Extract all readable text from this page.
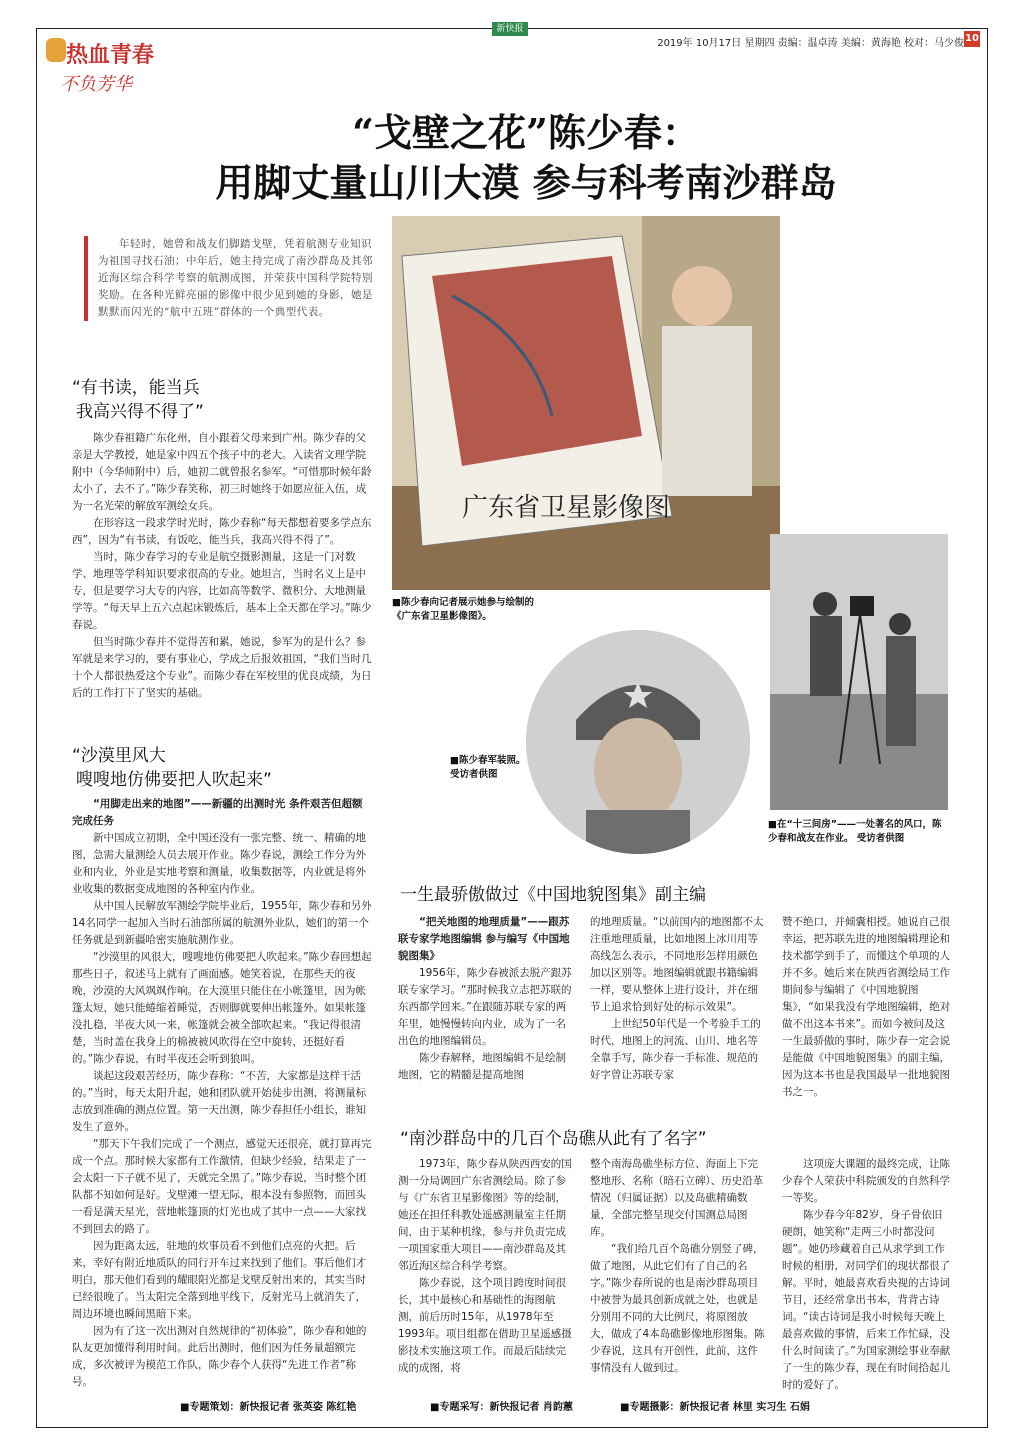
新快报
2019年 10月17日 星期四 责编：温卓涛 美编：黄海艳 校对：马少俊 10
热血青春
不负芳华
“戈壁之花”陈少春：
用脚丈量山川大漠 参与科考南沙群岛
年轻时，她曾和战友们脚踏戈壁，凭着航测专业知识为祖国寻找石油；中年后，她主持完成了南沙群岛及其邻近海区综合科学考察的航测成图，并荣获中国科学院特别奖励。在各种光鲜亮丽的影像中很少见到她的身影，她是默默而闪光的“航中五班”群体的一个典型代表。
“有书读，能当兵
我高兴得不得了”

陈少春祖籍广东化州，自小跟着父母来到广州。陈少春的父亲是大学教授，她是家中四五个孩子中的老大。入读省文理学院附中（今华师附中）后，她初二就曾报名参军。“可惜那时候年龄太小了，去不了。”陈少春笑称，初三时她终于如愿应征入伍，成为一名光荣的解放军测绘女兵。

在形容这一段求学时光时，陈少春称“每天都想着要多学点东西”，因为“有书读，有饭吃，能当兵，我高兴得不得了”。

当时，陈少春学习的专业是航空摄影测量，这是一门对数学、地理等学科知识要求很高的专业。她坦言，当时名义上是中专，但是要学习大专的内容，比如高等数学、微积分、大地测量学等。“每天早上五六点起床锻炼后，基本上全天都在学习。”陈少春说。

但当时陈少春并不觉得苦和累，她说，参军为的是什么？参军就是来学习的，要有事业心，学成之后报效祖国，“我们当时几十个人都很热爱这个专业”。而陈少春在军校里的优良成绩，为日后的工作打下了坚实的基础。

“沙漠里风大
嗖嗖地仿佛要把人吹起来”

“用脚走出来的地图”——新疆的出测时光 条件艰苦但超额完成任务

新中国成立初期，全中国还没有一张完整、统一、精确的地图，急需大量测绘人员去展开作业。陈少春说，测绘工作分为外业和内业，外业是实地考察和测量，收集数据等，内业就是将外业收集的数据变成地图的各种室内作业。

从中国人民解放军测绘学院毕业后，1955年，陈少春和另外14名同学一起加入当时石油部所属的航测外业队，她们的第一个任务就是到新疆哈密实施航测作业。

“沙漠里的风很大，嗖嗖地仿佛要把人吹起来。”陈少春回想起那些日子，叙述马上就有了画面感。她笑着说，在那些天的夜晚，沙漠的大风飒飒作响。在大漠里只能住在小帐篷里，因为帐篷太短，她只能蜷缩着睡觉，否则脚就要伸出帐篷外。如果帐篷没扎稳，半夜大风一来，帐篷就会被全部吹起来。“我记得很清楚，当时盖在我身上的棉被被风吹得在空中旋转，还挺好看的。”陈少春说，有时半夜还会听到狼叫。

谈起这段艰苦经历，陈少春称：“不苦，大家都是这样干活的。”当时，每天太阳升起，她和团队就开始徒步出测，将测量标志放到准确的测点位置。第一天出测，陈少春担任小组长，谁知发生了意外。

“那天下午我们完成了一个测点，感觉天还很亮，就打算再完成一个点。那时候大家都有工作激情，但缺少经验，结果走了一会太阳一下子就不见了，天就完全黑了。”陈少春说，当时整个团队都不知如何是好。戈壁滩一望无际，根本没有参照物，而回头一看是满天星光，营地帐篷顶的灯光也成了其中一点——大家找不到回去的路了。

因为距离太远，驻地的炊事员看不到他们点亮的火把。后来，幸好有附近地质队的同行开车过来找到了他们。事后他们才明白，那天他们看到的耀眼阳光都是戈壁反射出来的，其实当时已经很晚了。当太阳完全落到地平线下，反射光马上就消失了，周边环境也瞬间黑暗下来。

因为有了这一次出测对自然规律的“初体验”，陈少春和她的队友更加懂得利用时间。此后出测时，他们因为任务量超额完成，多次被评为模范工作队，陈少春个人获得“先进工作者”称号。

广东省卫星影像图
■陈少春向记者展示她参与绘制的《广东省卫星影像图》。
■在“十三间房”——一处著名的风口，陈少春和战友在作业。 受访者供图
■陈少春军装照。受访者供图
一生最骄傲做过《中国地貌图集》副主编

“把关地图的地理质量”——跟苏联专家学地图编辑 参与编写《中国地貌图集》

1956年，陈少春被派去脱产跟苏联专家学习。“那时候我立志把苏联的东西都学回来。”在跟随苏联专家的两年里，她慢慢转向内业，成为了一名出色的地图编辑员。

陈少春解释，地图编辑不是绘制地图，它的精髓是提高地图

的地理质量。“以前国内的地图都不太注重地理质量，比如地图上冰川用等高线怎么表示，不同地形怎样用颜色加以区别等。地图编辑就跟书籍编辑一样，要从整体上进行设计，并在细节上追求恰到好处的标示效果”。

上世纪50年代是一个考验手工的时代，地图上的河流、山川、地名等全靠手写，陈少春一手标准、规范的好字曾让苏联专家

赞不绝口，并倾囊相授。她说自己很幸运，把苏联先进的地图编辑理论和技术都学到手了，而懂这个单项的人并不多。她后来在陕西省测绘局工作期间参与编辑了《中国地貌图集》，“如果我没有学地图编辑，绝对做不出这本书来”。而如今被问及这一生最骄傲的事时，陈少春一定会说是能做《中国地貌图集》的副主编，因为这本书也是我国最早一批地貌图书之一。

“南沙群岛中的几百个岛礁从此有了名字”

1973年，陈少春从陕西西安的国测一分局调回广东省测绘局。除了参与《广东省卫星影像图》等的绘制，她还在担任科教处遥感测量室主任期间，由于某种机缘，参与并负责完成一项国家重大项目——南沙群岛及其邻近海区综合科学考察。

陈少春说，这个项目跨度时间很长，其中最核心和基础性的海图航测，前后历时15年，从1978年至1993年。项目组都在借助卫星遥感摄影技术实施这项工作。而最后陆续完成的成图，将

整个南海岛礁坐标方位、海面上下完整地形、名称（暗石立碑）、历史沿革情况（归属证据）以及岛礁精确数量，全部完整呈现交付国测总局图库。

“我们给几百个岛礁分别竖了碑，做了地图，从此它们有了自己的名字。”陈少春所说的也是南沙群岛项目中被誉为最具创新成就之处，也就是分别用不同的大比例尺，将原图放大，做成了4本岛礁影像地形图集。陈少春说，这具有开创性，此前，这件事情没有人做到过。

这项庞大课题的最终完成，让陈少春个人荣获中科院颁发的自然科学一等奖。

陈少春今年82岁，身子骨依旧硬朗，她笑称“走两三小时都没问题”。她仍珍藏着自己从求学到工作时候的相册，对同学们的现状都很了解。平时，她最喜欢看央视的古诗词节目，还经常拿出书本，背背古诗词。“读古诗词是我小时候每天晚上最喜欢做的事情，后来工作忙碌，没什么时间读了。”为国家测绘事业奉献了一生的陈少春，现在有时间拾起儿时的爱好了。

■专题策划：新快报记者 张英姿 陈红艳	■专题采写：新快报记者 肖韵蕙	■专题摄影：新快报记者 林里 实习生 石娟
